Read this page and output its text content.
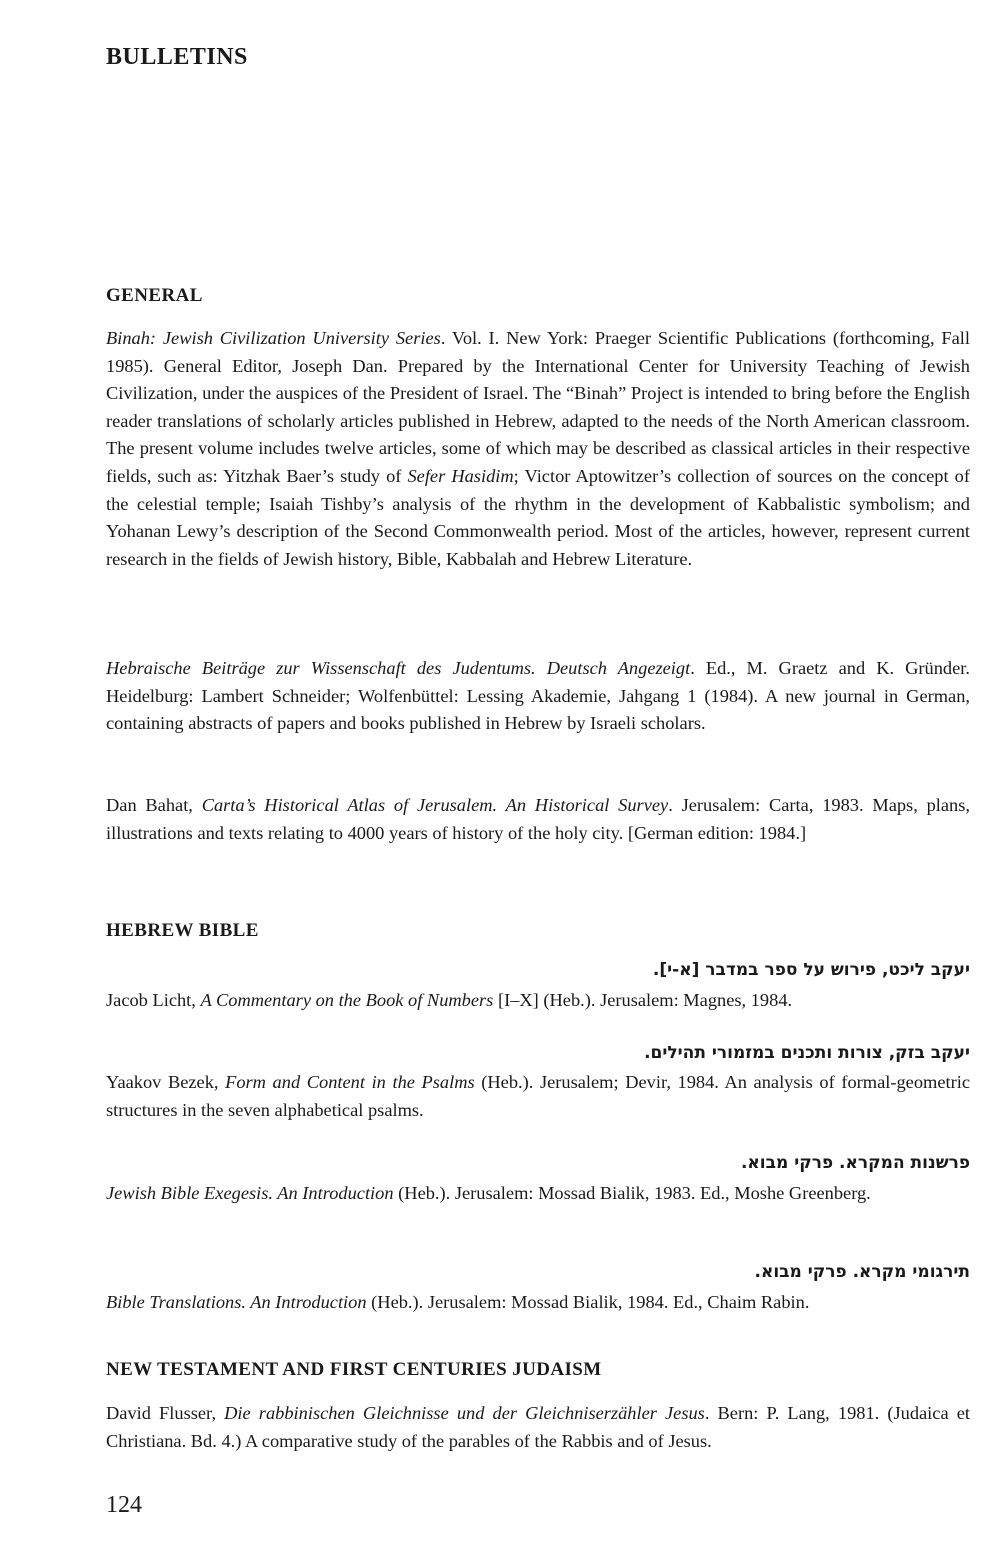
BULLETINS
GENERAL

Binah: Jewish Civilization University Series. Vol. I. New York: Praeger Scientific Publications (forthcoming, Fall 1985). General Editor, Joseph Dan. Prepared by the International Center for University Teaching of Jewish Civilization, under the auspices of the President of Israel. The “Binah” Project is intended to bring before the English reader translations of scholarly articles published in Hebrew, adapted to the needs of the North American classroom. The present volume includes twelve articles, some of which may be described as classical articles in their respective fields, such as: Yitzhak Baer’s study of Sefer Hasidim; Victor Aptowitzer’s collection of sources on the concept of the celestial temple; Isaiah Tishby’s analysis of the rhythm in the development of Kabbalistic symbolism; and Yohanan Lewy’s description of the Second Commonwealth period. Most of the articles, however, represent current research in the fields of Jewish history, Bible, Kabbalah and Hebrew Literature.

Hebraische Beiträge zur Wissenschaft des Judentums. Deutsch Angezeigt. Ed., M. Graetz and K. Gründer. Heidelburg: Lambert Schneider; Wolfenbüttel: Lessing Akademie, Jahgang 1 (1984). A new journal in German, containing abstracts of papers and books published in Hebrew by Israeli scholars.

Dan Bahat, Carta’s Historical Atlas of Jerusalem. An Historical Survey. Jerusalem: Carta, 1983. Maps, plans, illustrations and texts relating to 4000 years of history of the holy city. [German edition: 1984.]

HEBREW BIBLE

יעקב ליכט, פירוש על ספר במדבר [א-י].

Jacob Licht, A Commentary on the Book of Numbers [I–X] (Heb.). Jerusalem: Magnes, 1984.

יעקב בזק, צורות ותכנים במזמורי תהילים.

Yaakov Bezek, Form and Content in the Psalms (Heb.). Jerusalem; Devir, 1984. An analysis of formal-geometric structures in the seven alphabetical psalms.

פרשנות המקרא. פרקי מבוא.

Jewish Bible Exegesis. An Introduction (Heb.). Jerusalem: Mossad Bialik, 1983. Ed., Moshe Greenberg.

תירגומי מקרא. פרקי מבוא.

Bible Translations. An Introduction (Heb.). Jerusalem: Mossad Bialik, 1984. Ed., Chaim Rabin.

NEW TESTAMENT AND FIRST CENTURIES JUDAISM

David Flusser, Die rabbinischen Gleichnisse und der Gleichniserzähler Jesus. Bern: P. Lang, 1981. (Judaica et Christiana. Bd. 4.) A comparative study of the parables of the Rabbis and of Jesus.

124
